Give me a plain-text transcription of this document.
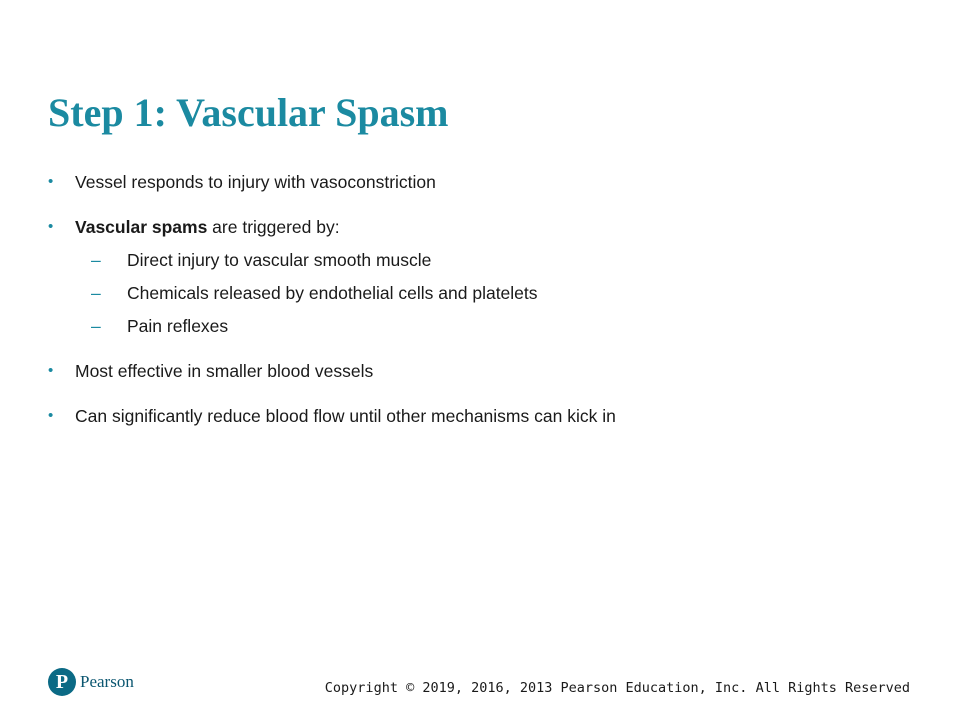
Step 1: Vascular Spasm
• Vessel responds to injury with vasoconstriction
• Vascular spams are triggered by:
– Direct injury to vascular smooth muscle
– Chemicals released by endothelial cells and platelets
– Pain reflexes
• Most effective in smaller blood vessels
• Can significantly reduce blood flow until other mechanisms can kick in
P Pearson	Copyright © 2019, 2016, 2013 Pearson Education, Inc. All Rights Reserved
